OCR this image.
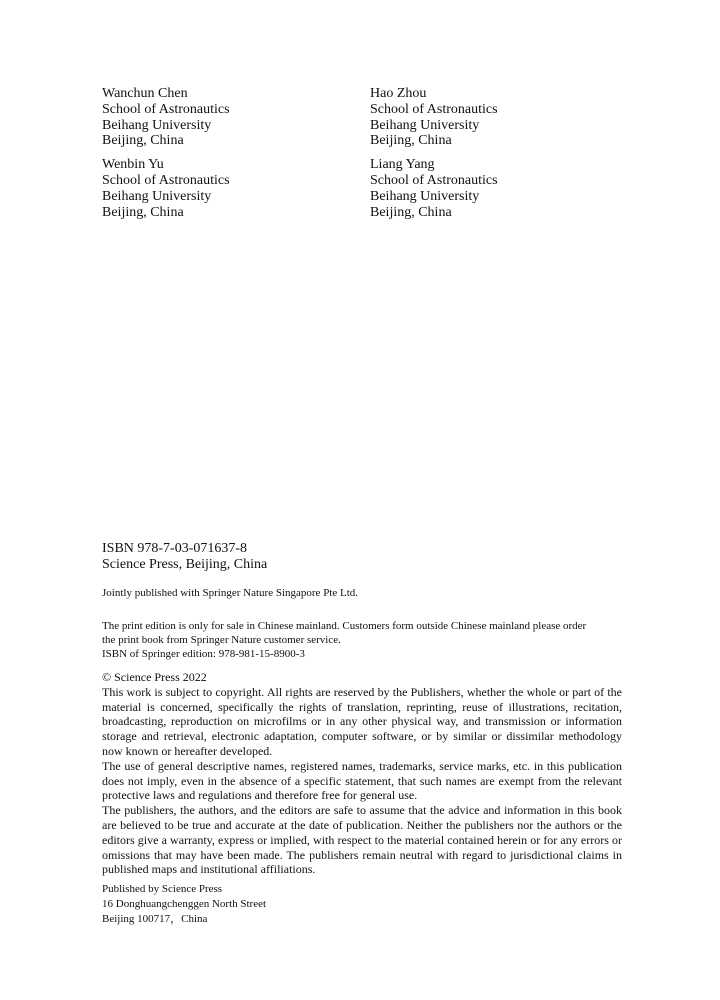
Wanchun Chen
School of Astronautics
Beihang University
Beijing, China
Hao Zhou
School of Astronautics
Beihang University
Beijing, China
Wenbin Yu
School of Astronautics
Beihang University
Beijing, China
Liang Yang
School of Astronautics
Beihang University
Beijing, China
ISBN 978-7-03-071637-8
Science Press, Beijing, China
Jointly published with Springer Nature Singapore Pte Ltd.
The print edition is only for sale in Chinese mainland. Customers form outside Chinese mainland please order
the print book from Springer Nature customer service.
ISBN of Springer edition: 978-981-15-8900-3
© Science Press 2022
This work is subject to copyright. All rights are reserved by the Publishers, whether the whole or part of the material is concerned, specifically the rights of translation, reprinting, reuse of illustrations, recitation, broadcasting, reproduction on microfilms or in any other physical way, and transmission or information storage and retrieval, electronic adaptation, computer software, or by similar or dissimilar methodology now known or hereafter developed.
The use of general descriptive names, registered names, trademarks, service marks, etc. in this publication does not imply, even in the absence of a specific statement, that such names are exempt from the relevant protective laws and regulations and therefore free for general use.
The publishers, the authors, and the editors are safe to assume that the advice and information in this book are believed to be true and accurate at the date of publication. Neither the publishers nor the authors or the editors give a warranty, express or implied, with respect to the material contained herein or for any errors or omissions that may have been made. The publishers remain neutral with regard to jurisdictional claims in published maps and institutional affiliations.
Published by Science Press
16 Donghuangchenggen North Street
Beijing 100717，China
